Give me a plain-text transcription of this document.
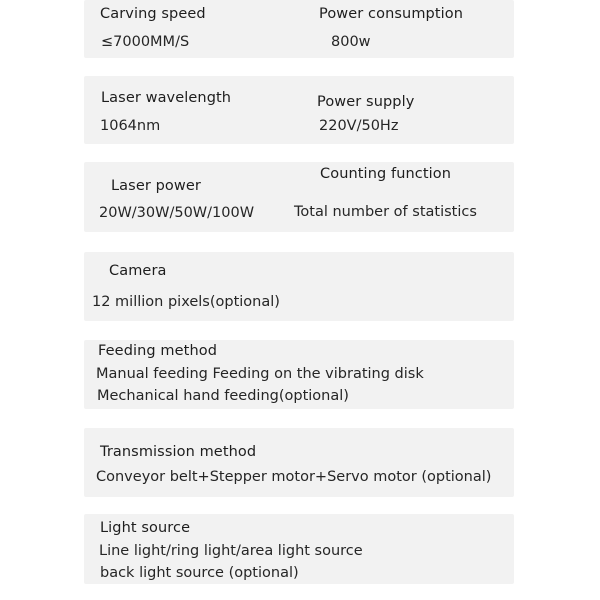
Carving speed
≤7000MM/S
Power consumption
800w
Laser wavelength
1064nm
Power supply
220V/50Hz
Laser power
20W/30W/50W/100W
Counting function
Total number of statistics
Camera
12 million pixels(optional)
Feeding method
Manual feeding Feeding on the vibrating disk
Mechanical hand feeding(optional)
Transmission method
Conveyor belt+Stepper motor+Servo motor (optional)
Light source
Line light/ring light/area light source
back light source (optional)
